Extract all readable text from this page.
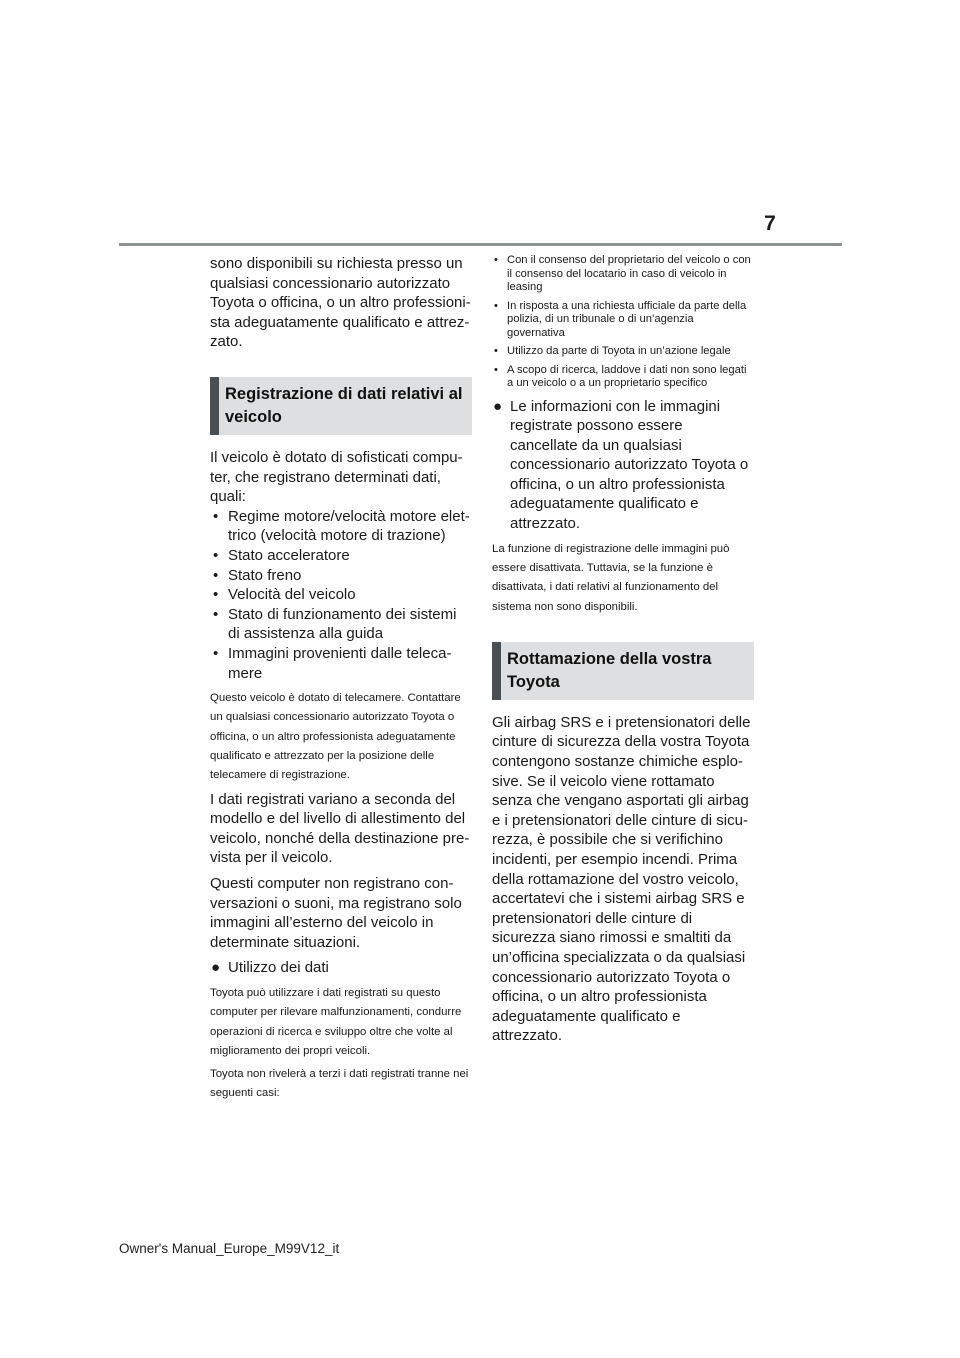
7

sono disponibili su richiesta presso un qualsiasi concessionario autorizzato Toyota o officina, o un altro professionista adeguatamente qualificato e attrezzato.

Registrazione di dati relativi al veicolo

Il veicolo è dotato di sofisticati computer, che registrano determinati dati, quali:

• Regime motore/velocità motore elettrico (velocità motore di trazione)
• Stato acceleratore
• Stato freno
• Velocità del veicolo
• Stato di funzionamento dei sistemi di assistenza alla guida
• Immagini provenienti dalle telecamere

Questo veicolo è dotato di telecamere. Contattare un qualsiasi concessionario autorizzato Toyota o officina, o un altro professionista adeguatamente qualificato e attrezzato per la posizione delle telecamere di registrazione.

I dati registrati variano a seconda del modello e del livello di allestimento del veicolo, nonché della destinazione prevista per il veicolo.

Questi computer non registrano conversazioni o suoni, ma registrano solo immagini all’esterno del veicolo in determinate situazioni.

● Utilizzo dei dati

Toyota può utilizzare i dati registrati su questo computer per rilevare malfunzionamenti, condurre operazioni di ricerca e sviluppo oltre che volte al miglioramento dei propri veicoli.

Toyota non rivelerà a terzi i dati registrati tranne nei seguenti casi:

• Con il consenso del proprietario del veicolo o con il consenso del locatario in caso di veicolo in leasing
• In risposta a una richiesta ufficiale da parte della polizia, di un tribunale o di un’agenzia governativa
• Utilizzo da parte di Toyota in un’azione legale
• A scopo di ricerca, laddove i dati non sono legati a un veicolo o a un proprietario specifico

● Le informazioni con le immagini registrate possono essere cancellate da un qualsiasi concessionario autorizzato Toyota o officina, o un altro professionista adeguatamente qualificato e attrezzato.

La funzione di registrazione delle immagini può essere disattivata. Tuttavia, se la funzione è disattivata, i dati relativi al funzionamento del sistema non sono disponibili.

Rottamazione della vostra Toyota

Gli airbag SRS e i pretensionatori delle cinture di sicurezza della vostra Toyota contengono sostanze chimiche esplosive. Se il veicolo viene rottamato senza che vengano asportati gli airbag e i pretensionatori delle cinture di sicurezza, è possibile che si verifichino incidenti, per esempio incendi. Prima della rottamazione del vostro veicolo, accertatevi che i sistemi airbag SRS e pretensionatori delle cinture di sicurezza siano rimossi e smaltiti da un’officina specializzata o da qualsiasi concessionario autorizzato Toyota o officina, o un altro professionista adeguatamente qualificato e attrezzato.

Owner's Manual_Europe_M99V12_it
